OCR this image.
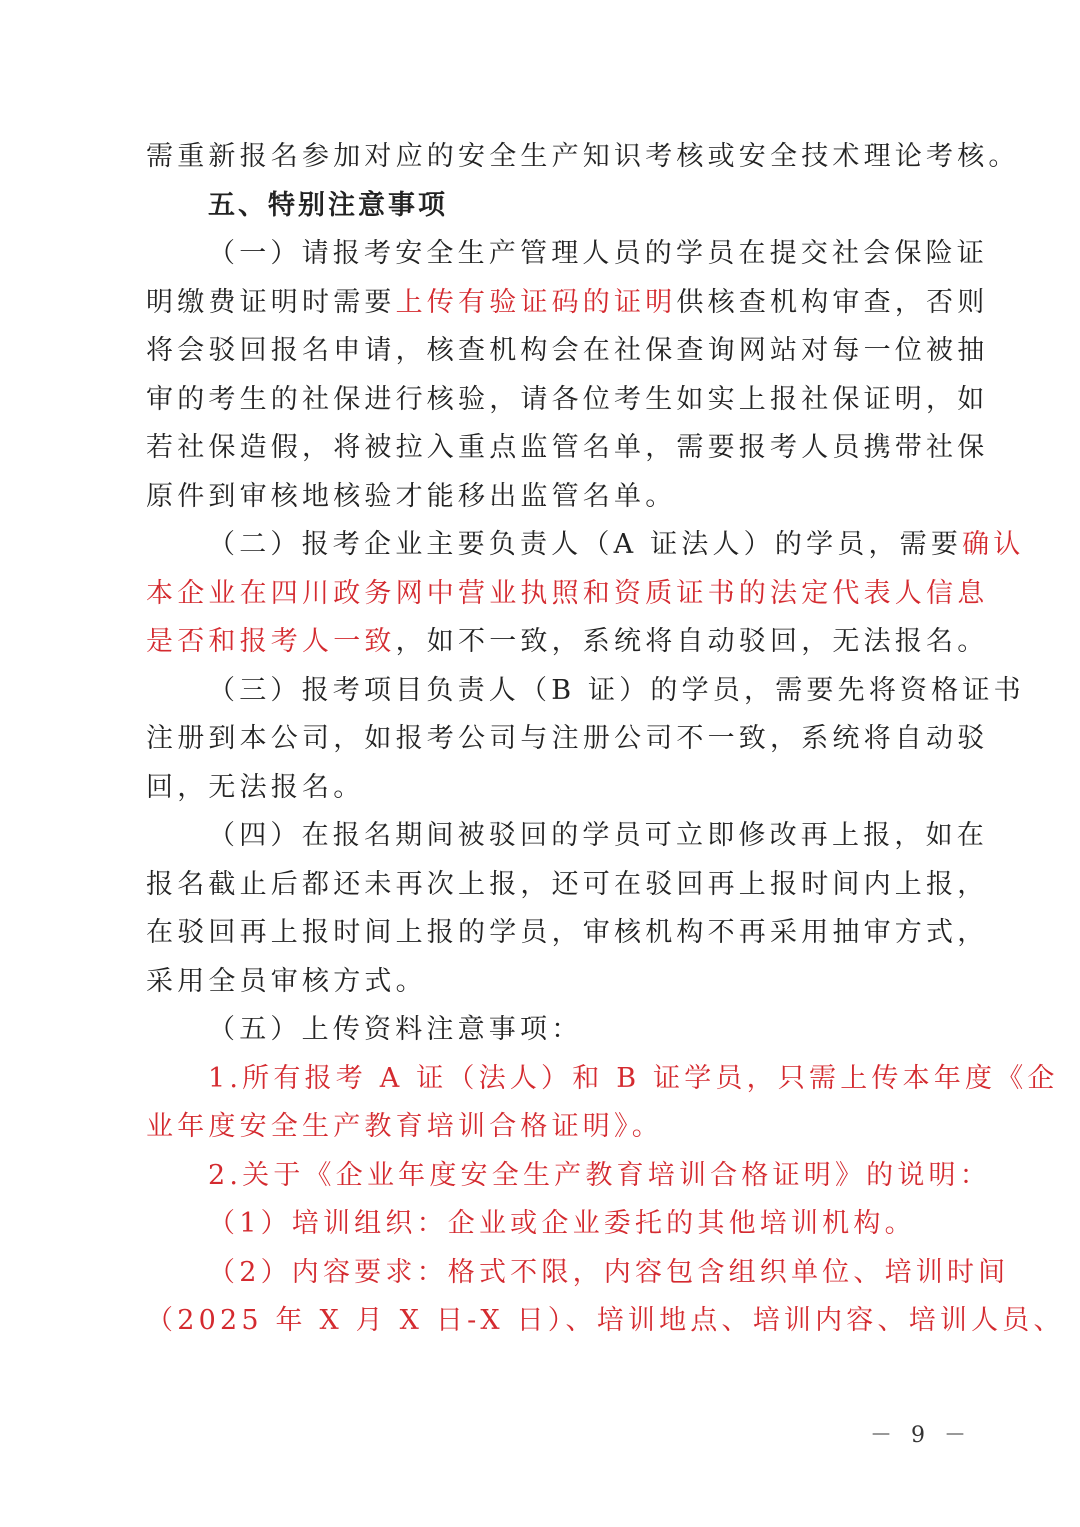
需重新报名参加对应的安全生产知识考核或安全技术理论考核。
五、特别注意事项
（一）请报考安全生产管理人员的学员在提交社会保险证
明缴费证明时需要上传有验证码的证明供核查机构审查，否则
将会驳回报名申请，核查机构会在社保查询网站对每一位被抽
审的考生的社保进行核验，请各位考生如实上报社保证明，如
若社保造假，将被拉入重点监管名单，需要报考人员携带社保
原件到审核地核验才能移出监管名单。
（二）报考企业主要负责人（A 证法人）的学员，需要确认
本企业在四川政务网中营业执照和资质证书的法定代表人信息
是否和报考人一致，如不一致，系统将自动驳回，无法报名。
（三）报考项目负责人（B 证）的学员，需要先将资格证书
注册到本公司，如报考公司与注册公司不一致，系统将自动驳
回，无法报名。
（四）在报名期间被驳回的学员可立即修改再上报，如在
报名截止后都还未再次上报，还可在驳回再上报时间内上报，
在驳回再上报时间上报的学员，审核机构不再采用抽审方式，
采用全员审核方式。
（五）上传资料注意事项：
1.所有报考 A 证（法人）和 B 证学员，只需上传本年度《企
业年度安全生产教育培训合格证明》。
2.关于《企业年度安全生产教育培训合格证明》的说明：
（1）培训组织：企业或企业委托的其他培训机构。
（2）内容要求：格式不限，内容包含组织单位、培训时间
（2025 年 X 月 X 日-X 日）、培训地点、培训内容、培训人员、
－ 9 －
